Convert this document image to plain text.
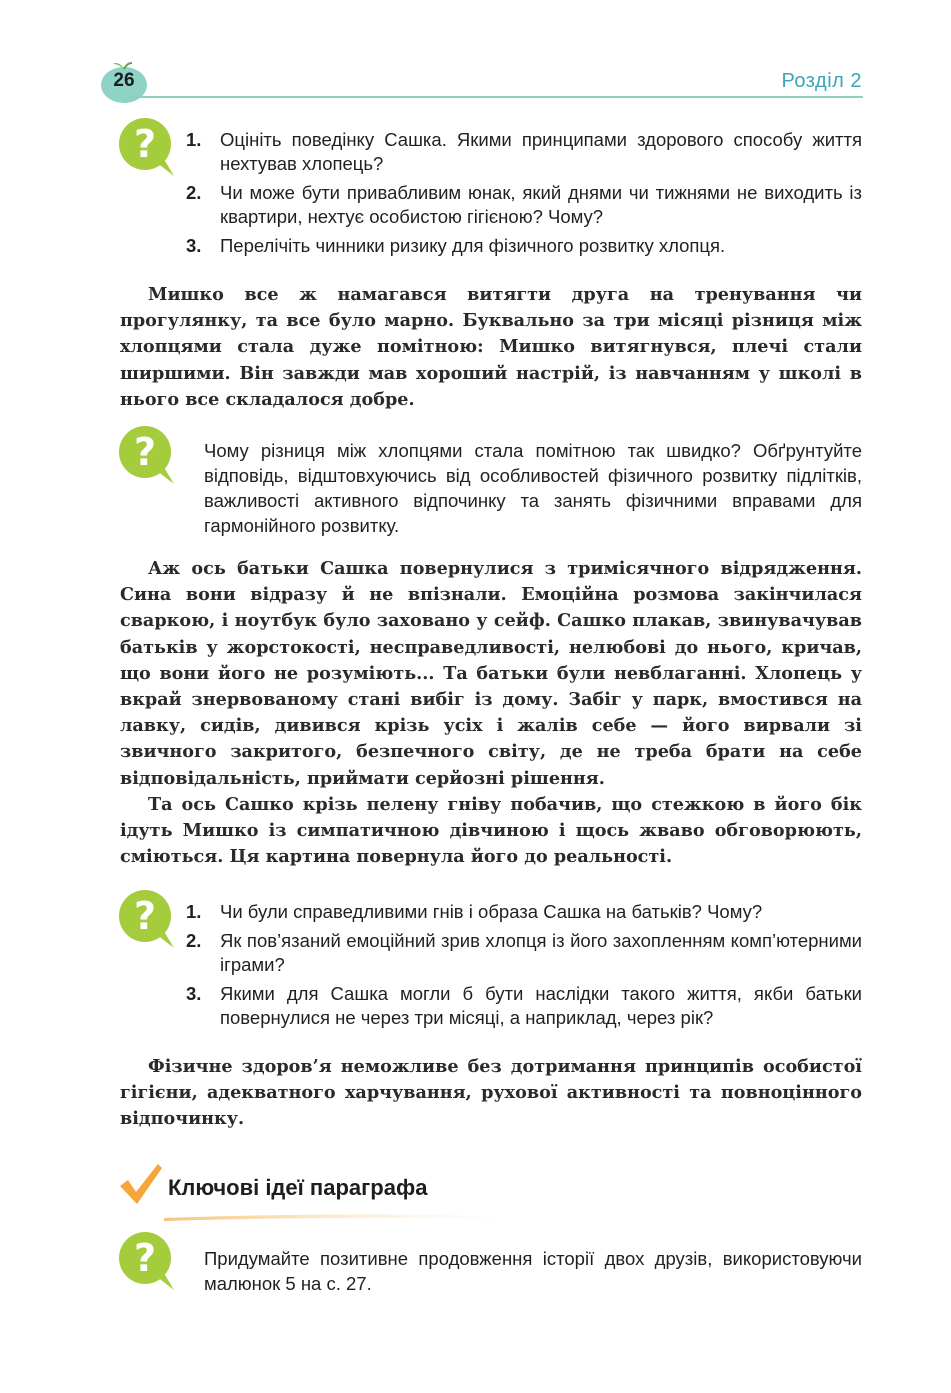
26	Розділ 2
? 1.	Оцініть поведінку Сашка. Якими принципами здорового способу життя нехтував хлопець?
2.	Чи може бути привабливим юнак, який днями чи тижнями не виходить із квартири, нехтує особистою гігієною? Чому?
3.	Перелічіть чинники ризику для фізичного розвитку хлопця.

Мишко все ж намагався витягти друга на тренування чи прогулянку, та все було марно. Буквально за три місяці різниця між хлопцями стала дуже помітною: Мишко витягнувся, плечі стали ширшими. Він завжди мав хороший настрій, із навчанням у школі в нього все складалося добре.

?	Чому різниця між хлопцями стала помітною так швидко? Обґрунтуйте відповідь, відштовхуючись від особливостей фізичного розвитку підлітків, важливості активного відпочинку та занять фізичними вправами для гармонійного розвитку.

Аж ось батьки Сашка повернулися з тримісячного відрядження. Сина вони відразу й не впізнали. Емоційна розмова закінчилася сваркою, і ноутбук було заховано у сейф. Сашко плакав, звинувачував батьків у жорстокості, несправедливості, нелюбові до нього, кричав, що вони його не розуміють... Та батьки були невблаганні. Хлопець у вкрай знервованому стані вибіг із дому. Забіг у парк, вмостився на лавку, сидів, дивився крізь усіх і жалів себе — його вирвали зі звичного закритого, безпечного світу, де не треба брати на себе відповідальність, приймати серйозні рішення.
Та ось Сашко крізь пелену гніву побачив, що стежкою в його бік ідуть Мишко із симпатичною дівчиною і щось жваво обговорюють, сміються. Ця картина повернула його до реальності.

? 1.	Чи були справедливими гнів і образа Сашка на батьків? Чому?
2.	Як пов’язаний емоційний зрив хлопця із його захопленням комп’ютерними іграми?
3.	Якими для Сашка могли б бути наслідки такого життя, якби батьки повернулися не через три місяці, а наприклад, через рік?

Фізичне здоров’я неможливе без дотримання принципів особистої гігієни, адекватного харчування, рухової активності та повноцінного відпочинку.

Ключові ідеї параграфа
?	Придумайте позитивне продовження історії двох друзів, використовуючи малюнок 5 на с. 27.
